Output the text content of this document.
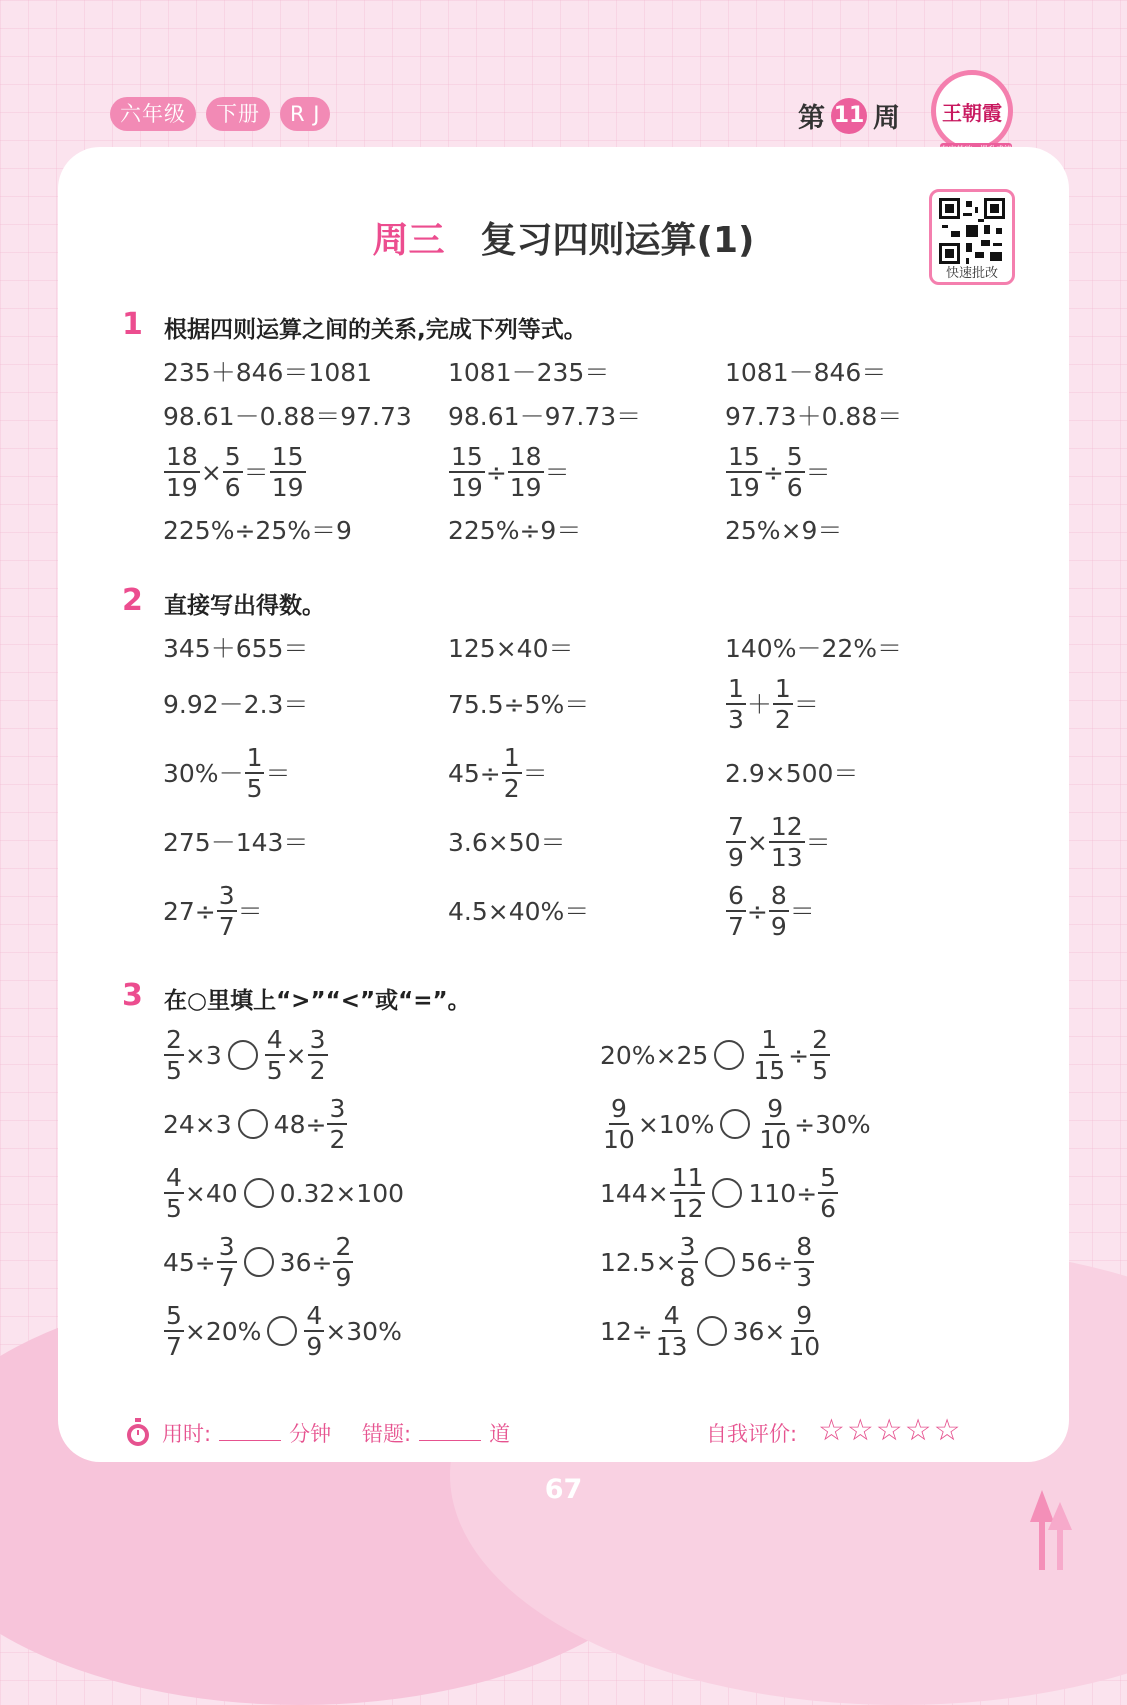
六年级	下册	R J	第 11 周 王朝霞
周三 复习四则运算(1)
快速批改
1 根据四则运算之间的关系,完成下列等式。
235＋846＝1081	1081－235＝	1081－846＝
98.61－0.88＝97.73 98.61－97.73＝	97.73＋0.88＝
$\frac{18}{19} \times \frac{5}{6} = \frac{15}{19}$	$\frac{15}{19} \div \frac{18}{19}$ ＝	$\frac{15}{19} \div \frac{5}{6}$ ＝
225%÷25%＝9	225%÷9＝	25%×9＝
2 直接写出得数。
345＋655＝	125×40＝	140%－22%＝
9.92－2.3＝	75.5÷5%＝	$\frac{1}{3} + \frac{1}{2}$ ＝
$30\%- \frac{1}{5}$ ＝	$45\div \frac{1}{2}$ ＝	2.9×500＝
275－143＝	3.6×50＝	$\frac{7}{9} \times \frac{12}{13}$ ＝
$27\div \frac{3}{7}$ ＝	4.5×40%＝	$\frac{6}{7} \div \frac{8}{9}$ ＝
3 在○里填上“>”“<”或“=”。
$\frac{2}{5} \times 3 \frac{4}{5} \times \frac{3}{2}$	$20\%\times 25 \frac{1}{15} \div \frac{2}{5}$
24×3 $48\div \frac{3}{2}$	$\frac{9}{10} \times 10\% \frac{9}{10} \div 30\%$
$\frac{4}{5} \times 40$ 0.32×100	$144\times \frac{11}{12} 110\div \frac{5}{6}$
$45\div \frac{3}{7} 36\div \frac{2}{9}$	$12.5\times \frac{3}{8} 56\div \frac{8}{3}$
$\frac{5}{7} \times 20\% \frac{4}{9} \times 30\%$	$12\div \frac{4}{13} 36\times \frac{9}{10}$
用时:	分钟 错题:	道	自我评价: ☆☆☆☆☆
67
